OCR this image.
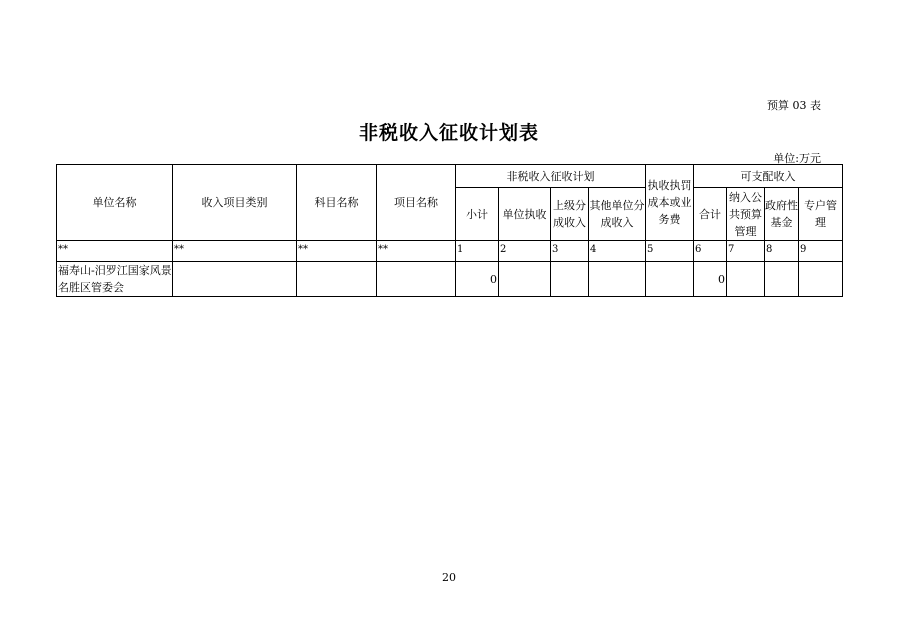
预算 03 表
非税收入征收计划表
单位:万元
单位名称	收入项目类别	科目名称	项目名称	非税收入征收计划				执收执罚成本或业务费	可支配收入			
				小计	单位执收	上级分成收入	其他单位分成收入		合计	纳入公共预算管理	政府性基金	专户管理
**	**	**	**	1	2	3	4	5	6	7	8	9
福寿山-汨罗江国家风景名胜区管委会				0					0			
20
